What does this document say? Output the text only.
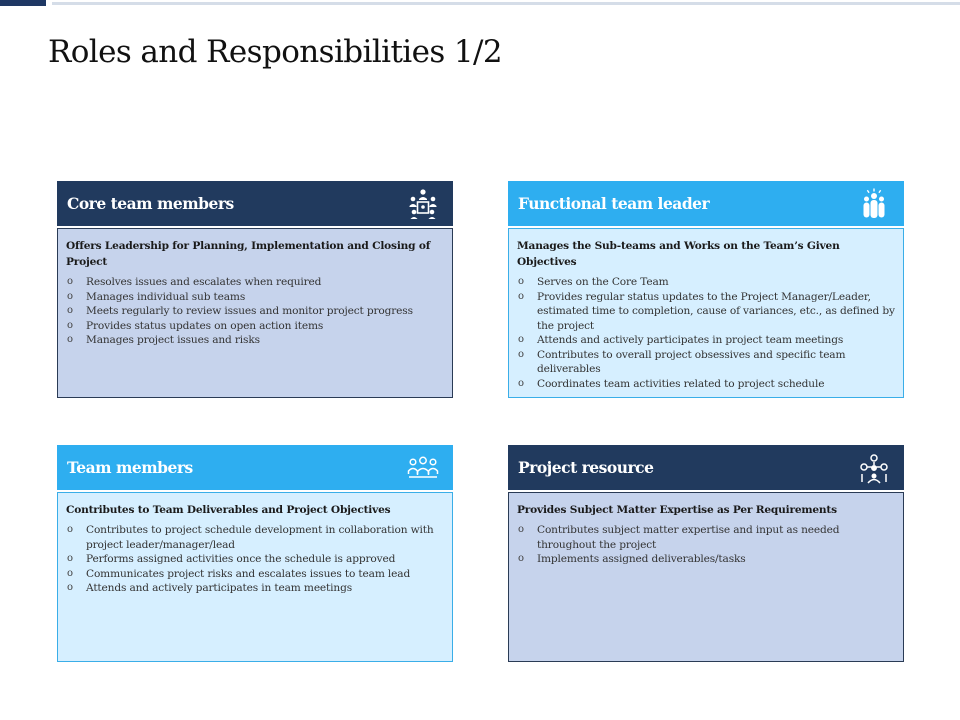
Roles and Responsibilities 1/2
Core team members

Offers Leadership for Planning, Implementation and Closing of Project

o Resolves issues and escalates when required
o Manages individual sub teams
o Meets regularly to review issues and monitor project progress
o Provides status updates on open action items
o Manages project issues and risks
Functional team leader

Manages the Sub-teams and Works on the Team’s Given Objectives

o Serves on the Core Team
o Provides regular status updates to the Project Manager/Leader, estimated time to completion, cause of variances, etc., as defined by the project
o Attends and actively participates in project team meetings
o Contributes to overall project obsessives and specific team deliverables
o Coordinates team activities related to project schedule
Team members

Contributes to Team Deliverables and Project Objectives

o Contributes to project schedule development in collaboration with project leader/manager/lead
o Performs assigned activities once the schedule is approved
o Communicates project risks and escalates issues to team lead
o Attends and actively participates in team meetings
Project resource

Provides Subject Matter Expertise as Per Requirements

o Contributes subject matter expertise and input as needed throughout the project
o Implements assigned deliverables/tasks
